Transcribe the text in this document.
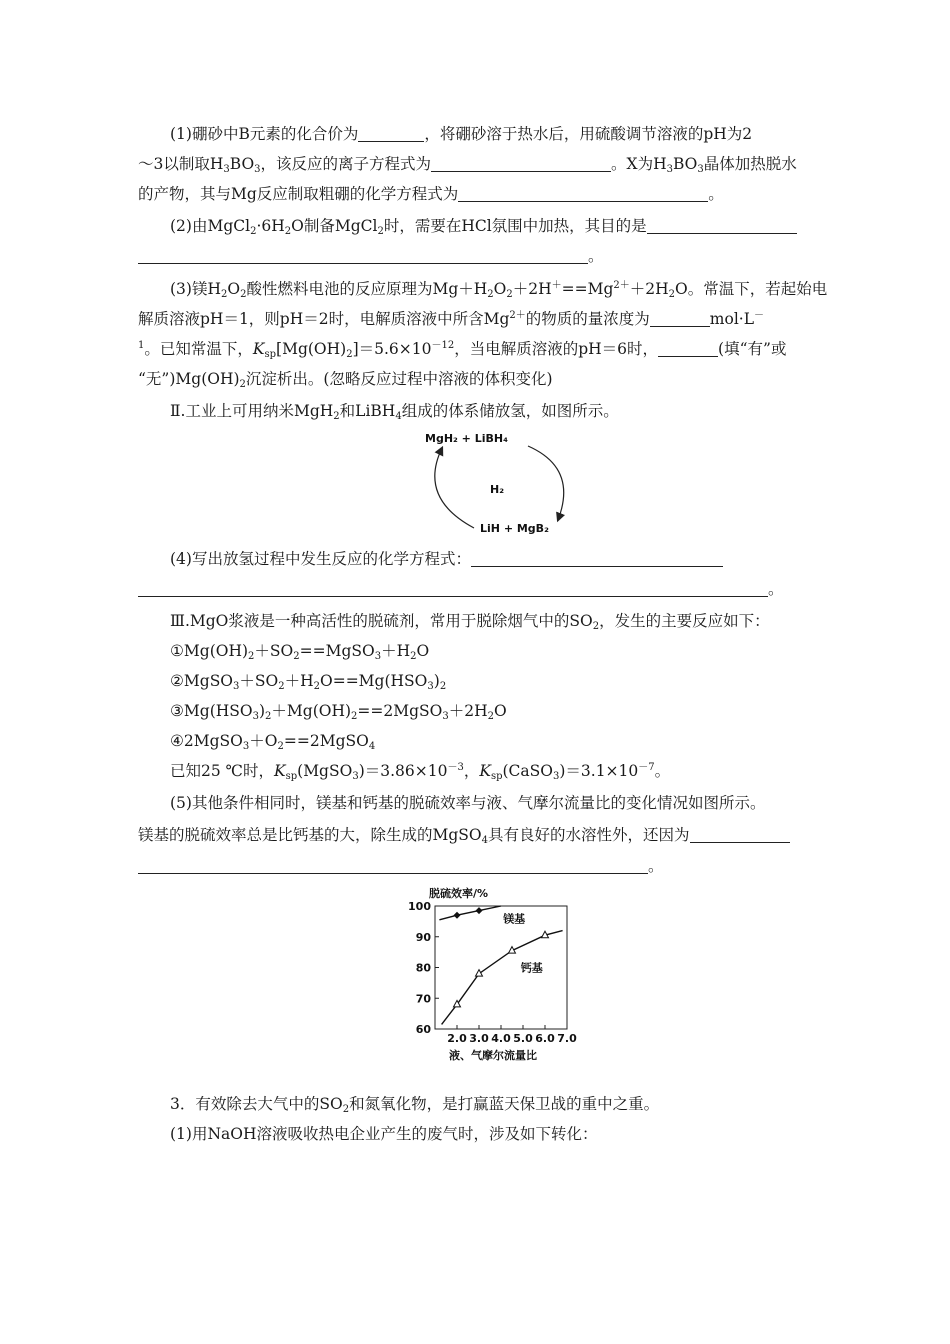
(1)硼砂中B元素的化合价为	，将硼砂溶于热水后，用硫酸调节溶液的pH为2
～3以制取$H_3BO_3$，该反应的离子方程式为	。X为$H_3BO_3$晶体加热脱水
的产物，其与Mg反应制取粗硼的化学方程式为	。
(2)由$MgCl_2\cdot 6H_2O$制备MgCl$_2$时，需要在HCl氛围中加热，其目的是
。
(3)镁$H_2O_2$酸性燃料电池的反应原理为$Mg+H_2O_2+2H^+==Mg^{2+}+2H_2O$。常温下，若起始电
解质溶液pH＝1，则pH＝2时，电解质溶液中所含$Mg^{2+}$的物质的量浓度为	mol·L－
$^1$。已知常温下，$K_{sp}[Mg(OH)_2]=5.6\times 10^{-12}$，当电解质溶液的pH＝6时，	(填“有”或
“无$”)Mg(OH)_2$沉淀析出。(忽略反应过程中溶液的体积变化)
Ⅱ.工业上可用纳米MgH$_2$和LiBH$_4$组成的体系储放氢，如图所示。
MgH₂ + LiBH₄
H₂
LiH + MgB₂
(4)写出放氢过程中发生反应的化学方程式：
。
Ⅲ.MgO浆液是一种高活性的脱硫剂，常用于脱除烟气中的$SO_2$，发生的主要反应如下：
$①Mg(OH)_2+SO_2==MgSO_3+H_2O$
$②MgSO_3+SO_2+H_2O==Mg(HSO_3)_2$
$③Mg(HSO_3)_2+Mg(OH)_2==2MgSO_3+2H_2O$
$④2MgSO_3+O_2==2MgSO_4$
已知25 ℃时，$K_{sp}(MgSO_3)=3.86\times 10^{-3}$，$K_{sp}(CaSO_3)=3.1\times 10^{-7}$。
(5)其他条件相同时，镁基和钙基的脱硫效率与液、气摩尔流量比的变化情况如图所示。
镁基的脱硫效率总是比钙基的大，除生成的MgSO$_4$具有良好的水溶性外，还因为
。
脱硫效率/%
60
70
80
90
100
2.0 3.0 4.0 5.0 6.0 7.0
镁基
钙基
液、气摩尔流量比
3．有效除去大气中的$SO_2$和氮氧化物，是打赢蓝天保卫战的重中之重。
(1)用NaOH溶液吸收热电企业产生的废气时，涉及如下转化：
